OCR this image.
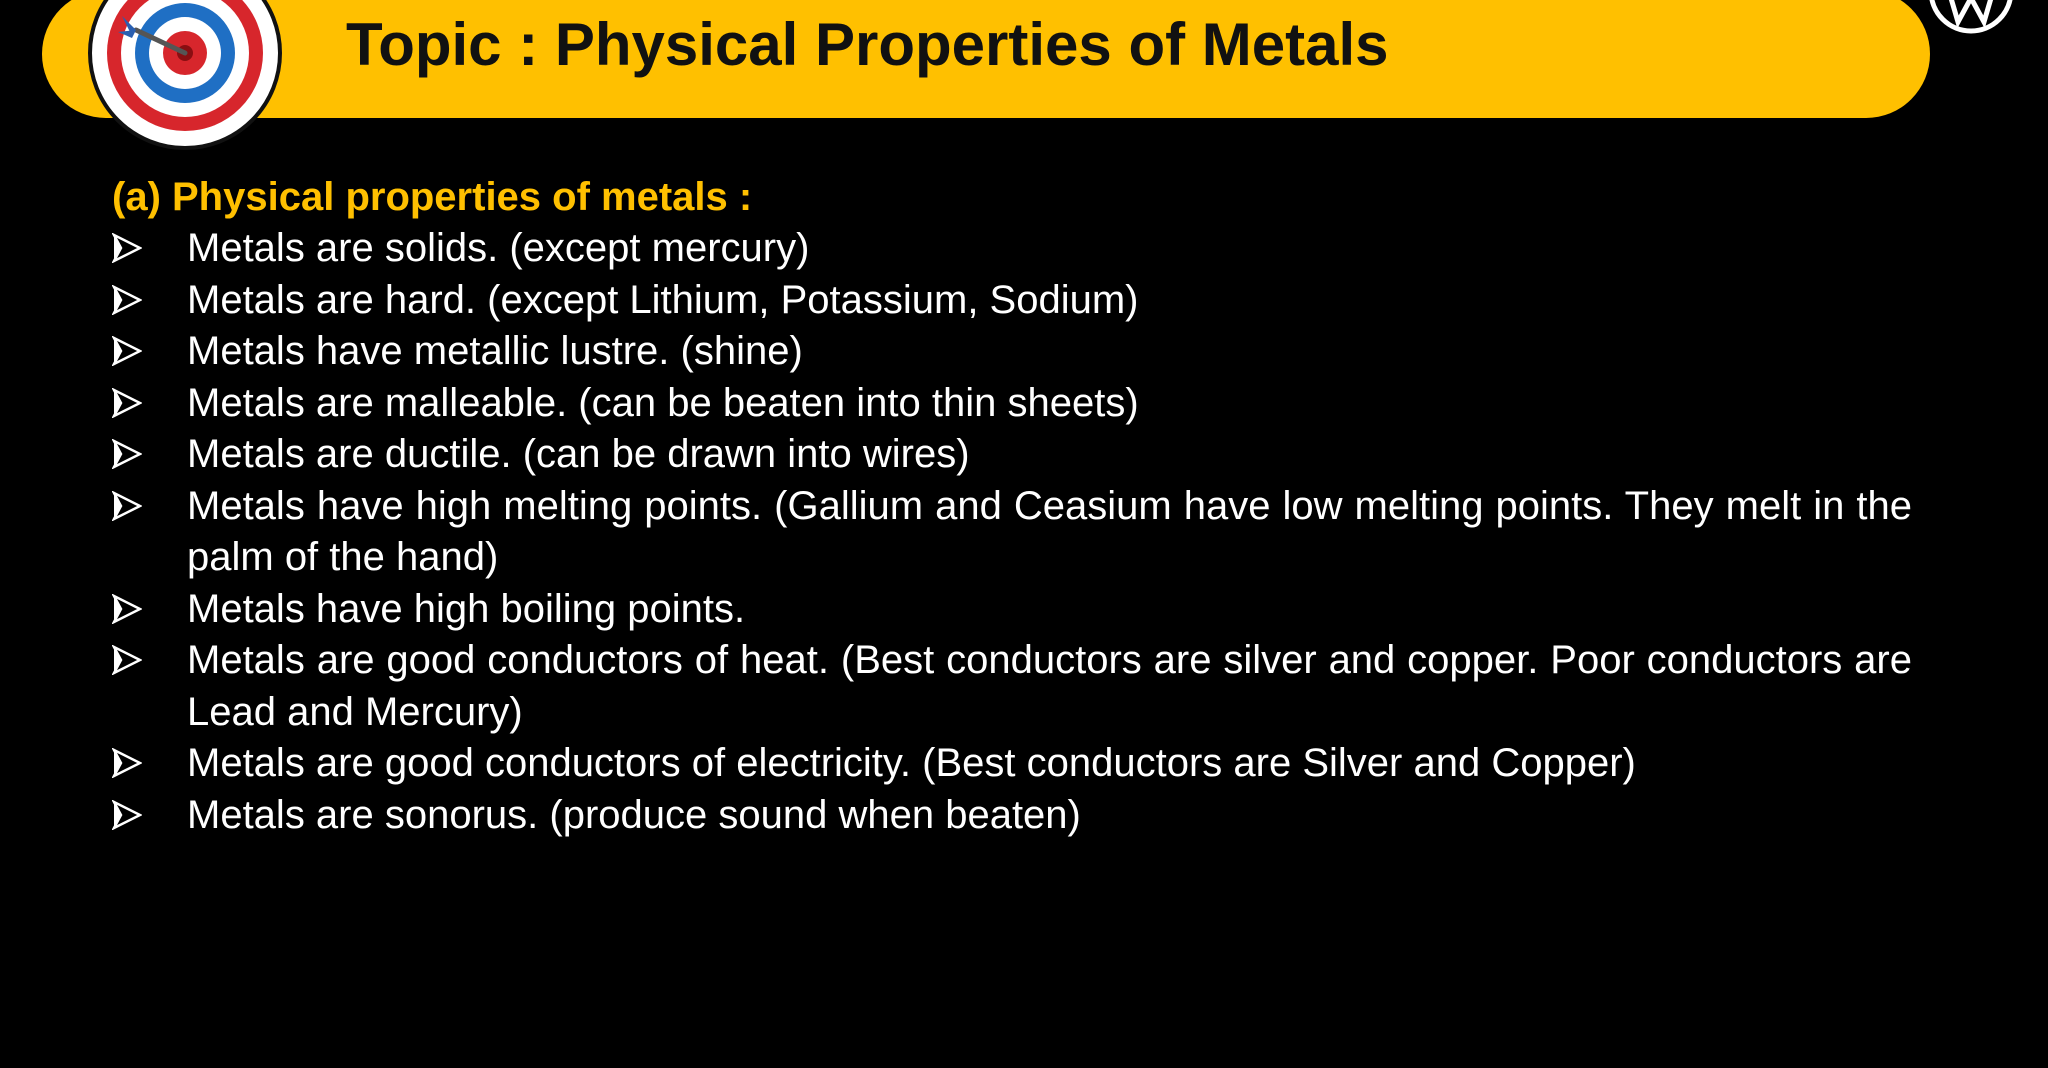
Topic : Physical Properties of Metals

(a) Physical properties of metals :

Metals are solids. (except mercury)
Metals are hard. (except Lithium, Potassium, Sodium)
Metals have metallic lustre. (shine)
Metals are malleable. (can be beaten into thin sheets)
Metals are ductile. (can be drawn into wires)
Metals have high melting points. (Gallium and Ceasium have low melting points. They melt in the palm of the hand)
Metals have high boiling points.
Metals are good conductors of heat. (Best conductors are silver and copper. Poor conductors are Lead and Mercury)
Metals are good conductors of electricity. (Best conductors are Silver and Copper)
Metals are sonorus. (produce sound when beaten)
